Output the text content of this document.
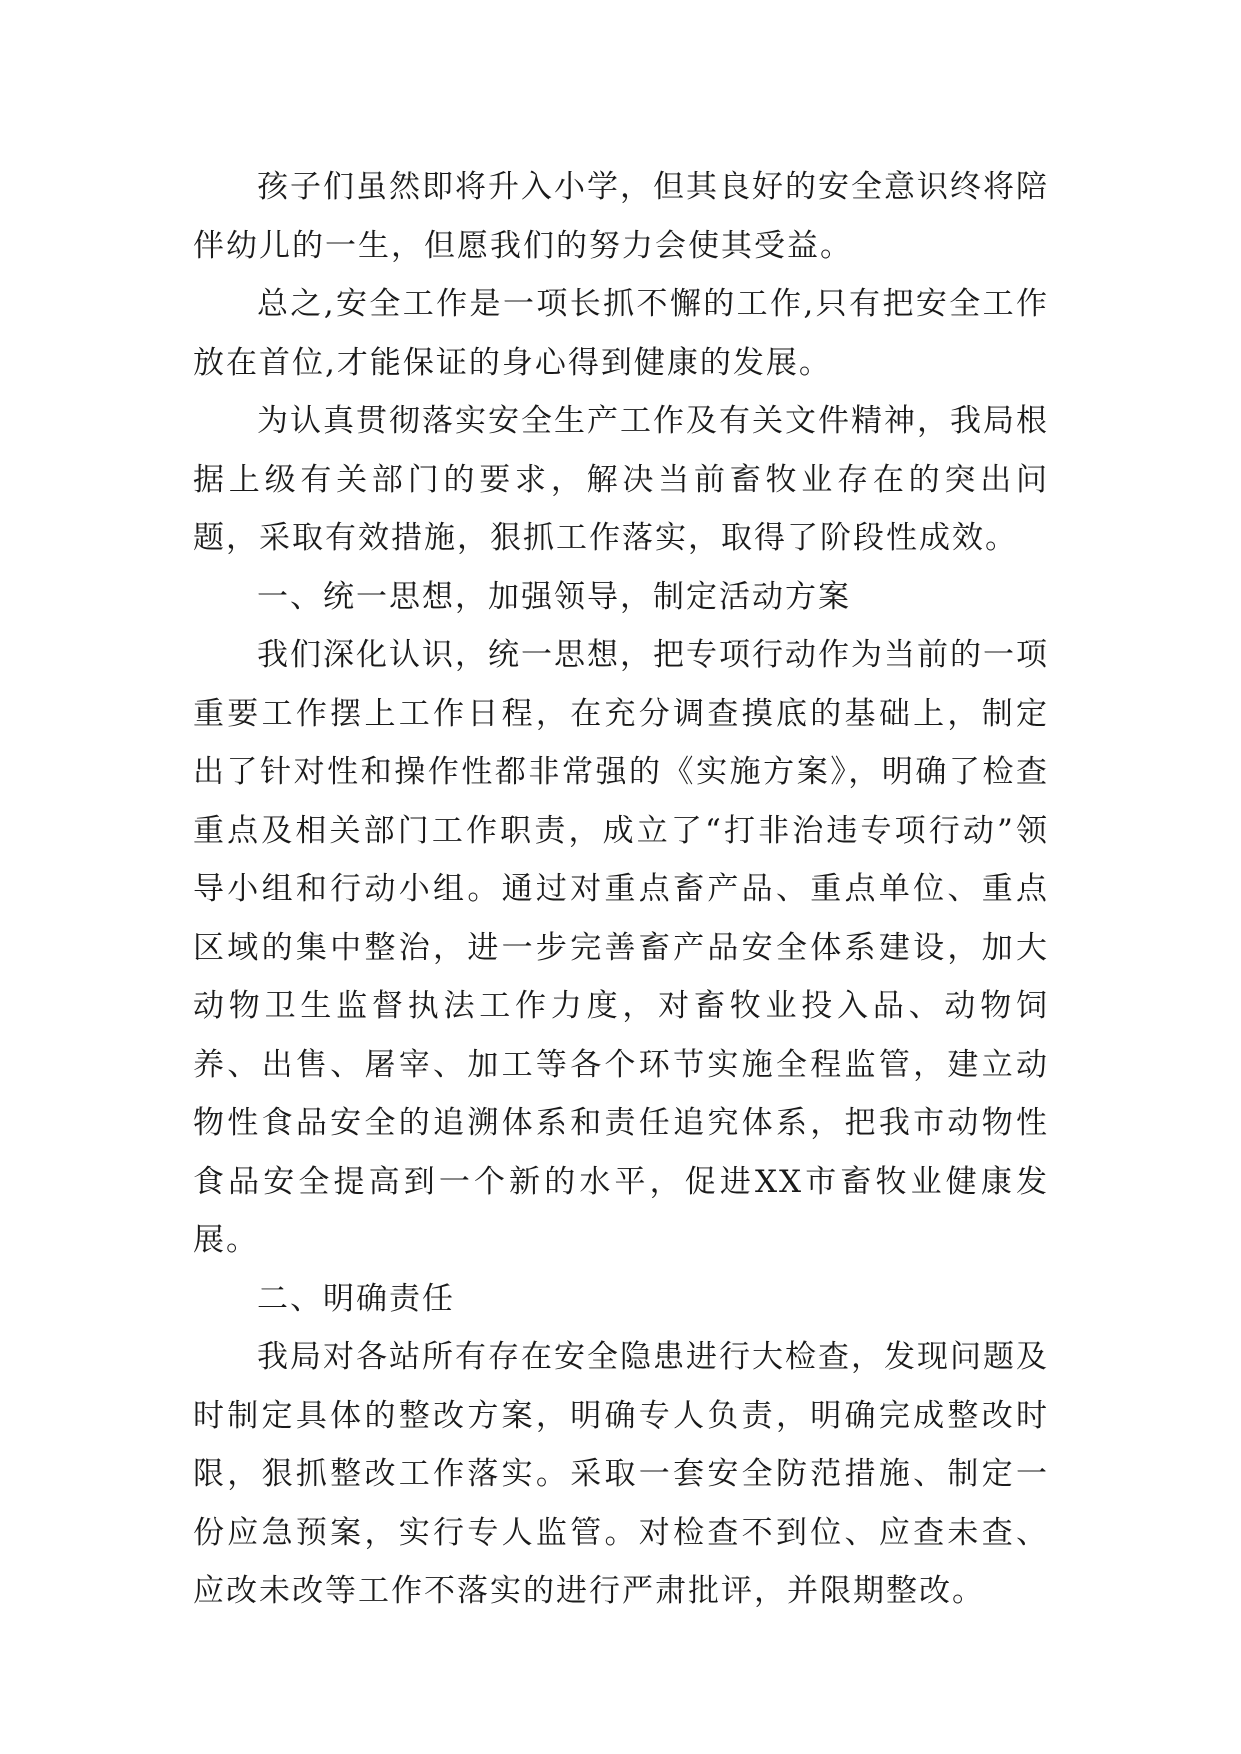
孩子们虽然即将升入小学，但其良好的安全意识终将陪伴幼儿的一生，但愿我们的努力会使其受益。

总之,安全工作是一项长抓不懈的工作,只有把安全工作放在首位,才能保证的身心得到健康的发展。

为认真贯彻落实安全生产工作及有关文件精神，我局根据上级有关部门的要求，解决当前畜牧业存在的突出问题，采取有效措施，狠抓工作落实，取得了阶段性成效。

一、统一思想，加强领导，制定活动方案

我们深化认识，统一思想，把专项行动作为当前的一项重要工作摆上工作日程，在充分调查摸底的基础上，制定出了针对性和操作性都非常强的《实施方案》，明确了检查重点及相关部门工作职责，成立了“打非治违专项行动”领导小组和行动小组。通过对重点畜产品、重点单位、重点区域的集中整治，进一步完善畜产品安全体系建设，加大动物卫生监督执法工作力度，对畜牧业投入品、动物饲养、出售、屠宰、加工等各个环节实施全程监管，建立动物性食品安全的追溯体系和责任追究体系，把我市动物性食品安全提高到一个新的水平，促进XX市畜牧业健康发展。

二、明确责任

我局对各站所有存在安全隐患进行大检查，发现问题及时制定具体的整改方案，明确专人负责，明确完成整改时限，狠抓整改工作落实。采取一套安全防范措施、制定一份应急预案，实行专人监管。对检查不到位、应查未查、应改未改等工作不落实的进行严肃批评，并限期整改。
